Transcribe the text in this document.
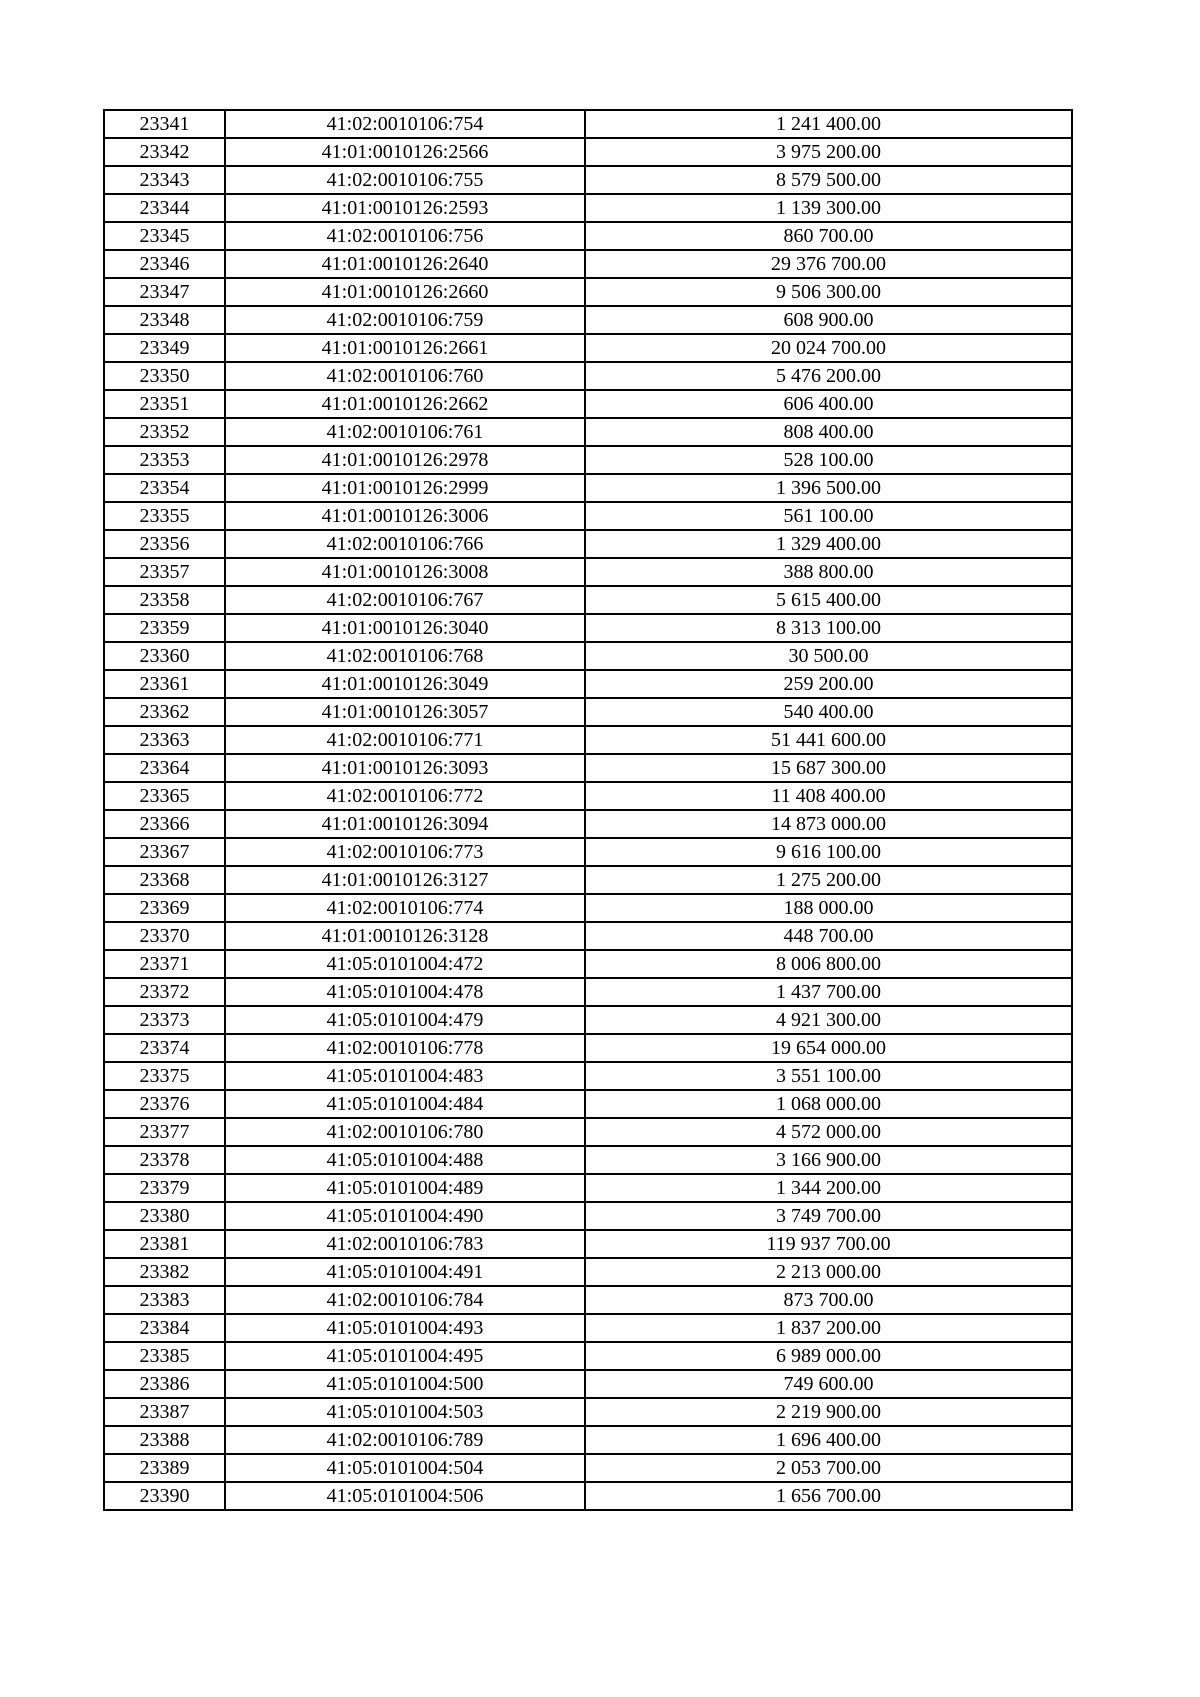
23341	41:02:0010106:754	1 241 400.00
23342	41:01:0010126:2566	3 975 200.00
23343	41:02:0010106:755	8 579 500.00
23344	41:01:0010126:2593	1 139 300.00
23345	41:02:0010106:756	860 700.00
23346	41:01:0010126:2640	29 376 700.00
23347	41:01:0010126:2660	9 506 300.00
23348	41:02:0010106:759	608 900.00
23349	41:01:0010126:2661	20 024 700.00
23350	41:02:0010106:760	5 476 200.00
23351	41:01:0010126:2662	606 400.00
23352	41:02:0010106:761	808 400.00
23353	41:01:0010126:2978	528 100.00
23354	41:01:0010126:2999	1 396 500.00
23355	41:01:0010126:3006	561 100.00
23356	41:02:0010106:766	1 329 400.00
23357	41:01:0010126:3008	388 800.00
23358	41:02:0010106:767	5 615 400.00
23359	41:01:0010126:3040	8 313 100.00
23360	41:02:0010106:768	30 500.00
23361	41:01:0010126:3049	259 200.00
23362	41:01:0010126:3057	540 400.00
23363	41:02:0010106:771	51 441 600.00
23364	41:01:0010126:3093	15 687 300.00
23365	41:02:0010106:772	11 408 400.00
23366	41:01:0010126:3094	14 873 000.00
23367	41:02:0010106:773	9 616 100.00
23368	41:01:0010126:3127	1 275 200.00
23369	41:02:0010106:774	188 000.00
23370	41:01:0010126:3128	448 700.00
23371	41:05:0101004:472	8 006 800.00
23372	41:05:0101004:478	1 437 700.00
23373	41:05:0101004:479	4 921 300.00
23374	41:02:0010106:778	19 654 000.00
23375	41:05:0101004:483	3 551 100.00
23376	41:05:0101004:484	1 068 000.00
23377	41:02:0010106:780	4 572 000.00
23378	41:05:0101004:488	3 166 900.00
23379	41:05:0101004:489	1 344 200.00
23380	41:05:0101004:490	3 749 700.00
23381	41:02:0010106:783	119 937 700.00
23382	41:05:0101004:491	2 213 000.00
23383	41:02:0010106:784	873 700.00
23384	41:05:0101004:493	1 837 200.00
23385	41:05:0101004:495	6 989 000.00
23386	41:05:0101004:500	749 600.00
23387	41:05:0101004:503	2 219 900.00
23388	41:02:0010106:789	1 696 400.00
23389	41:05:0101004:504	2 053 700.00
23390	41:05:0101004:506	1 656 700.00
